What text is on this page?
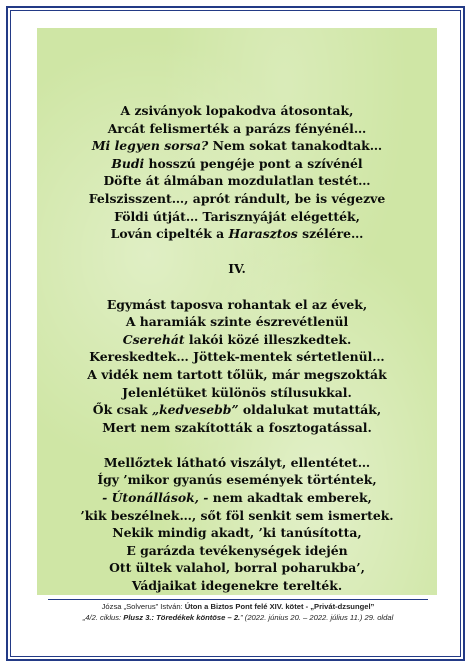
A zsiványok lopakodva átosontak,
Arcát felismerték a parázs fényénél…
Mi legyen sorsa? Nem sokat tanakodtak…
Budi hosszú pengéje pont a szívénél
Döfte át álmában mozdulatlan testét…
Felszisszent…, aprót rándult, be is végezve
Földi útját… Tarisznyáját elégették,
Lován cipelték a Harasztos szélére…
IV.
Egymást taposva rohantak el az évek,
A haramiák szinte észrevétlenül
Cserehát lakói közé illeszkedtek.
Kereskedtek… Jöttek-mentek sértetlenül…
A vidék nem tartott tőlük, már megszokták
Jelenlétüket különös stílusukkal.
Ők csak „kedvesebb” oldalukat mutatták,
Mert nem szakították a fosztogatással.
Mellőztek látható viszályt, ellentétet…
Így ’mikor gyanús események történtek,
- Útonállások, - nem akadtak emberek,
’kik beszélnek…, sőt föl senkit sem ismertek.
Nekik mindig akadt, ’ki tanúsította,
E garázda tevékenységek idején
Ott ültek valahol, borral poharukba’,
Vádjaikat idegenekre terelték.
Józsa „Solverus” István: Úton a Biztos Pont felé XIV. kötet - „Privát-dzsungel”
„4/2. ciklus: Plusz 3.: Töredékek köntöse – 2.” (2022. június 20. – 2022. július 11.) 29. oldal
